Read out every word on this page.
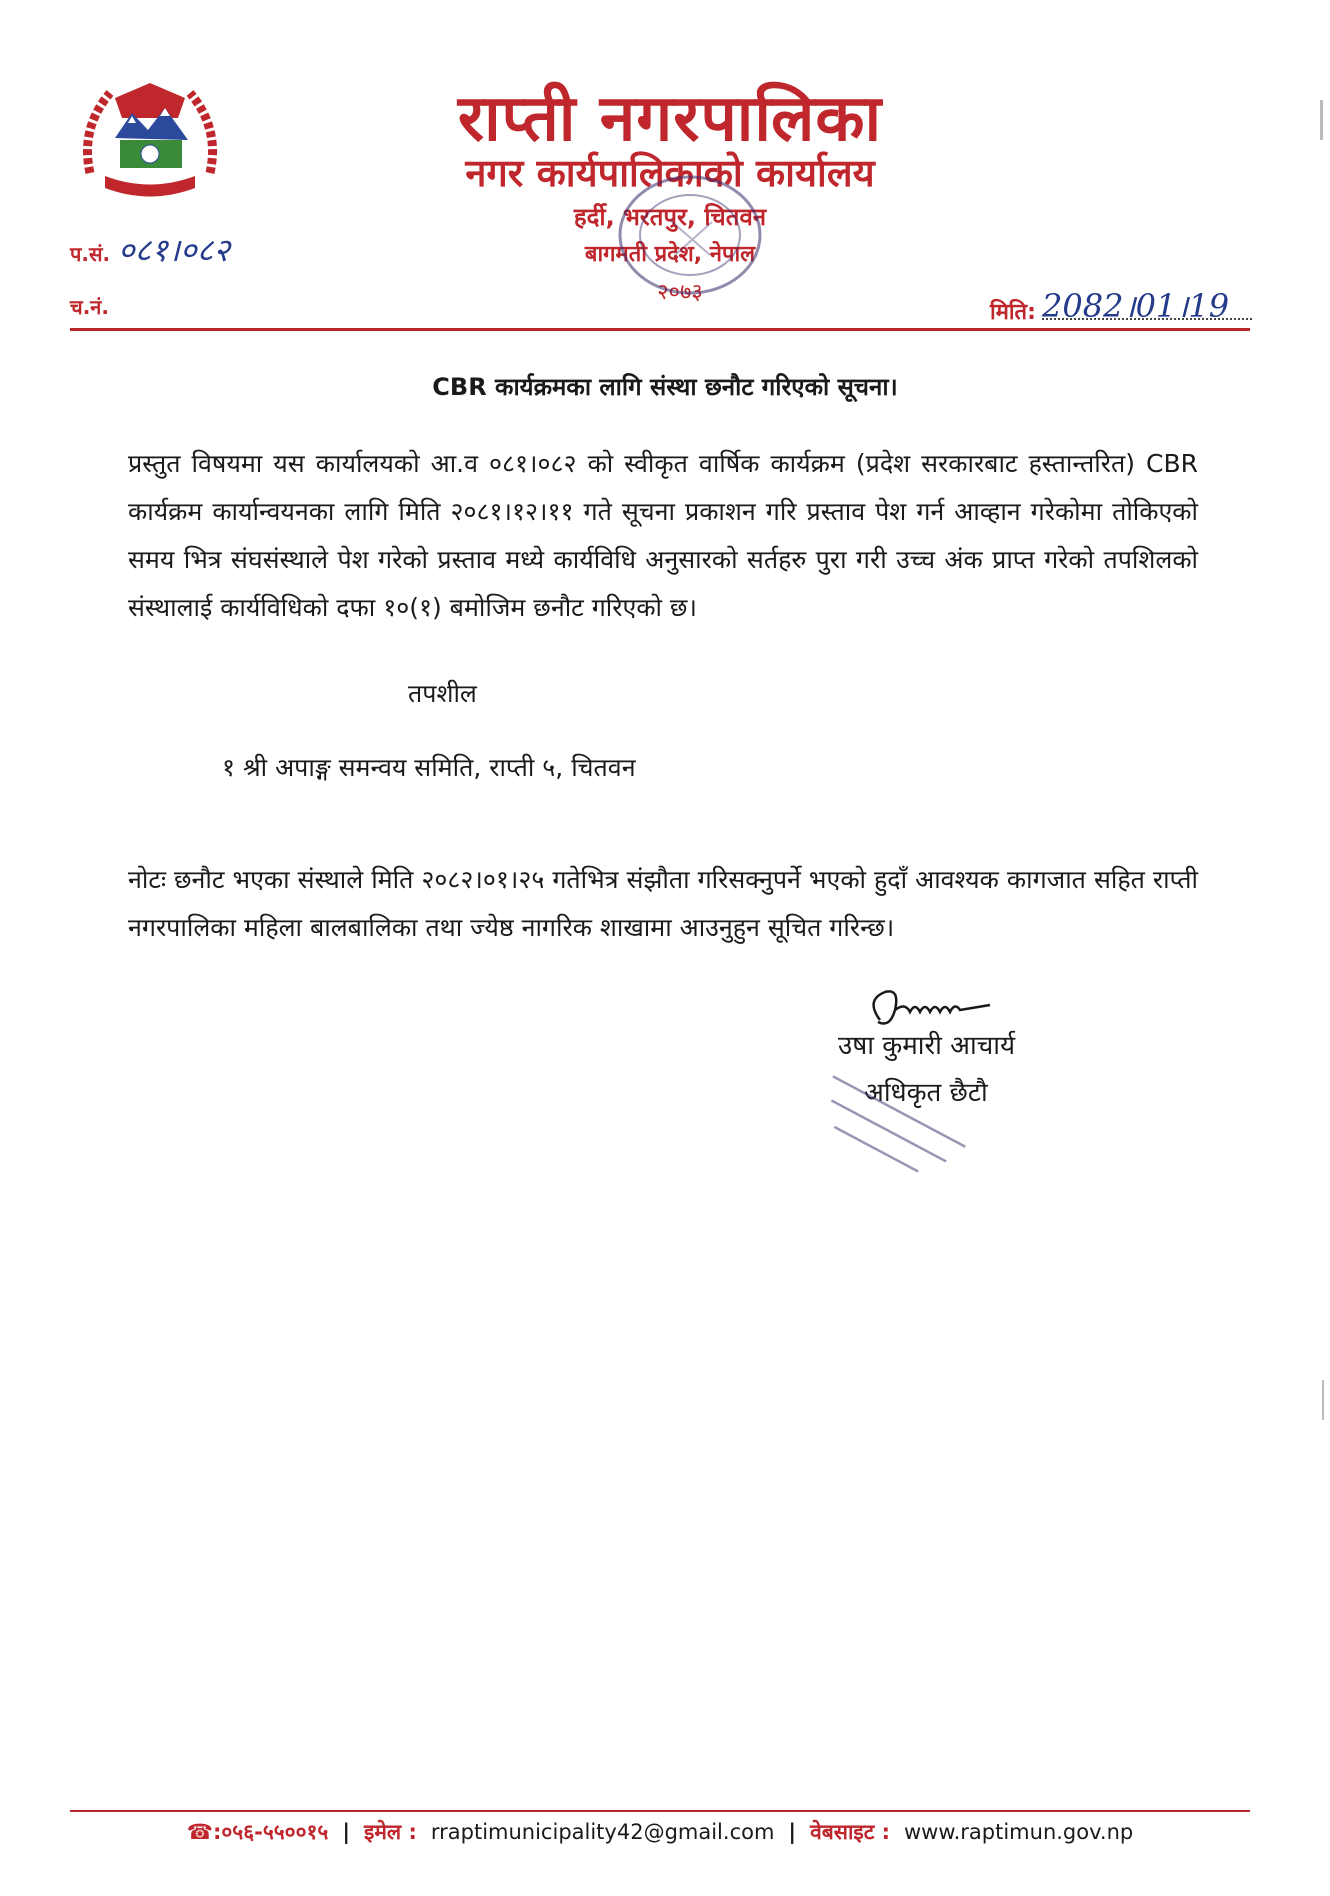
राप्ती नगरपालिका
नगर कार्यपालिकाको कार्यालय
हर्दी, भरतपुर, चितवन
बागमती प्रदेश, नेपाल
२०७३
प.सं. ०८१।०८२
च.नं.	मिति: 2082।01।19
CBR कार्यक्रमका लागि संस्था छनौट गरिएको सूचना।
प्रस्तुत विषयमा यस कार्यालयको आ.व ०८१।०८२ को स्वीकृत वार्षिक कार्यक्रम (प्रदेश सरकारबाट हस्तान्तरित) CBR कार्यक्रम कार्यान्वयनका लागि मिति २०८१।१२।११ गते सूचना प्रकाशन गरि प्रस्ताव पेश गर्न आव्हान गरेकोमा तोकिएको समय भित्र संघसंस्थाले पेश गरेको प्रस्ताव मध्ये कार्यविधि अनुसारको सर्तहरु पुरा गरी उच्च अंक प्राप्त गरेको तपशिलको संस्थालाई कार्यविधिको दफा १०(१) बमोजिम छनौट गरिएको छ।
तपशील
१ श्री अपाङ्ग समन्वय समिति, राप्ती ५, चितवन
नोटः छनौट भएका संस्थाले मिति २०८२।०१।२५ गतेभित्र संझौता गरिसक्नुपर्ने भएको हुदाँ आवश्यक कागजात सहित राप्ती नगरपालिका महिला बालबालिका तथा ज्येष्ठ नागरिक शाखामा आउनुहुन सूचित गरिन्छ।
उषा कुमारी आचार्य
अधिकृत छैटौ
☎:०५६-५५००१५ | इमेल : rraptimunicipality42@gmail.com | वेबसाइट : www.raptimun.gov.np
